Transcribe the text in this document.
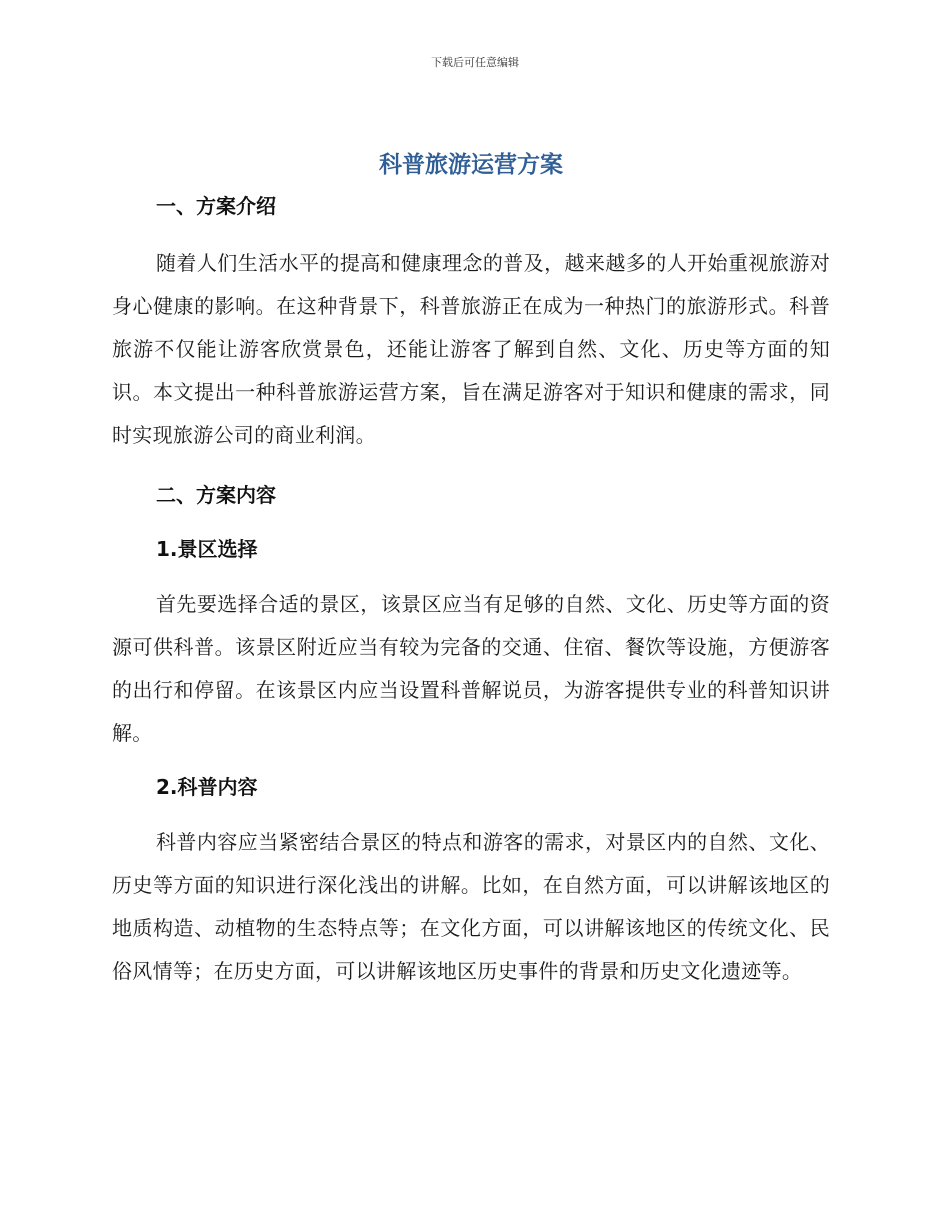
下载后可任意编辑
科普旅游运营方案
一、方案介绍

随着人们生活水平的提高和健康理念的普及，越来越多的人开始重视旅游对身心健康的影响。在这种背景下，科普旅游正在成为一种热门的旅游形式。科普旅游不仅能让游客欣赏景色，还能让游客了解到自然、文化、历史等方面的知识。本文提出一种科普旅游运营方案，旨在满足游客对于知识和健康的需求，同时实现旅游公司的商业利润。

二、方案内容
1.景区选择

首先要选择合适的景区，该景区应当有足够的自然、文化、历史等方面的资源可供科普。该景区附近应当有较为完备的交通、住宿、餐饮等设施，方便游客的出行和停留。在该景区内应当设置科普解说员，为游客提供专业的科普知识讲解。

2.科普内容

科普内容应当紧密结合景区的特点和游客的需求，对景区内的自然、文化、历史等方面的知识进行深化浅出的讲解。比如，在自然方面，可以讲解该地区的地质构造、动植物的生态特点等；在文化方面，可以讲解该地区的传统文化、民俗风情等；在历史方面，可以讲解该地区历史事件的背景和历史文化遗迹等。
